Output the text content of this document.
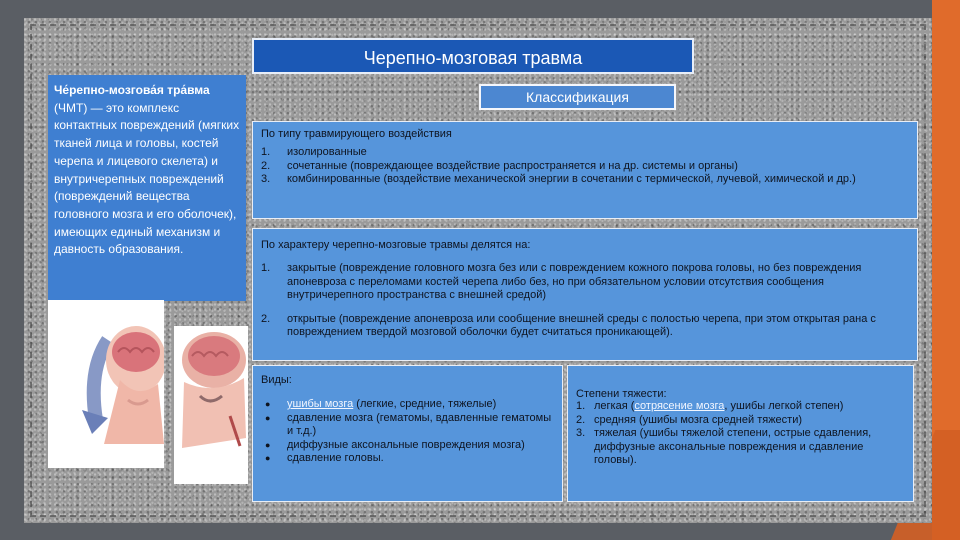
Черепно-мозговая травма
Классификация
Че́репно-мозгова́я тра́вма (ЧМТ) — это комплекс контактных повреждений (мягких тканей лица и головы, костей черепа и лицевого скелета) и внутричерепных повреждений (повреждений вещества головного мозга и его оболочек), имеющих единый механизм и давность образования.
По типу травмирующего воздействия
1.	изолированные
2.	сочетанные (повреждающее воздействие распространяется и на др. системы и органы)
3.	комбинированные (воздействие механической энергии в сочетании с термической, лучевой, химической и др.)
По характеру черепно-мозговые травмы делятся на:
1.	закрытые (повреждение головного мозга без или с повреждением кожного покрова головы, но без повреждения апоневроза с переломами костей черепа либо без, но при обязательном условии отсутствия сообщения внутричерепного пространства с внешней средой)
2.	открытые (повреждение апоневроза или сообщение внешней среды с полостью черепа, при этом открытая рана с повреждением твердой мозговой оболочки будет считаться проникающей).
Виды:
●	ушибы мозга (легкие, средние, тяжелые)
●	сдавление мозга (гематомы, вдавленные гематомы и т.д.)
●	диффузные аксональные повреждения мозга)
●	сдавление головы.
Степени тяжести:
1. легкая (сотрясение мозга, ушибы легкой степен)
2. средняя (ушибы мозга средней тяжести)
3. тяжелая (ушибы тяжелой степени, острые сдавления, диффузные аксональные повреждения и сдавление головы).
